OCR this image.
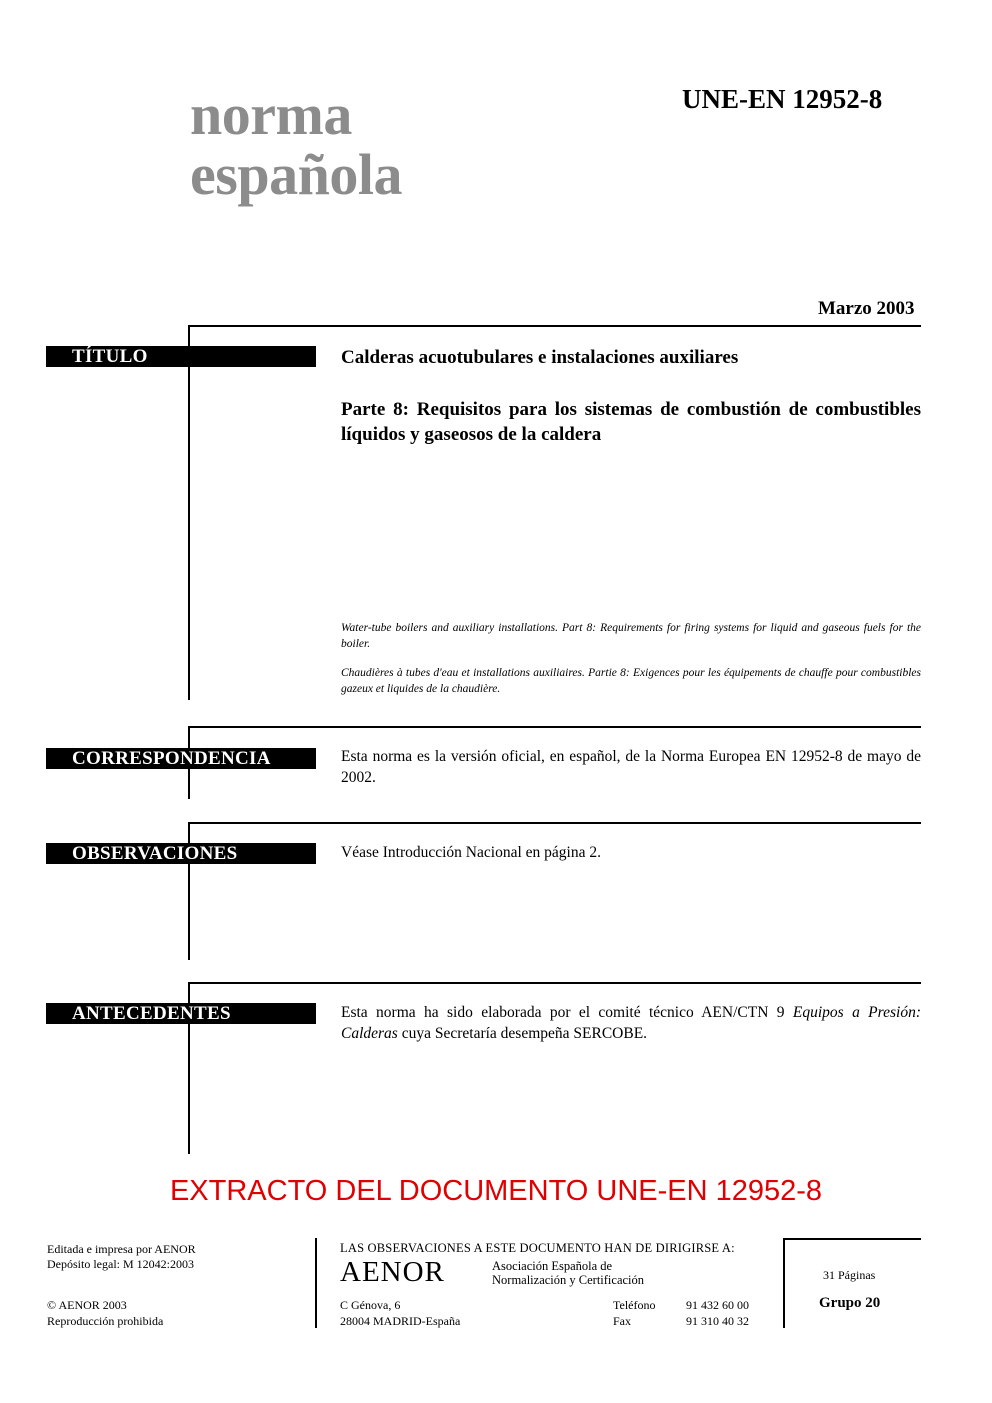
norma
española
UNE-EN 12952-8
Marzo 2003
TÍTULO	Calderas acuotubulares e instalaciones auxiliares
Parte 8: Requisitos para los sistemas de combustión de combustibles líquidos y gaseosos de la caldera
Water-tube boilers and auxiliary installations. Part 8: Requirements for firing systems for liquid and gaseous fuels for the boiler.
Chaudières à tubes d'eau et installations auxiliaires. Partie 8: Exigences pour les équipements de chauffe pour combustibles gazeux et liquides de la chaudière.
CORRESPONDENCIA	Esta norma es la versión oficial, en español, de la Norma Europea EN 12952-8 de mayo de 2002.
OBSERVACIONES	Véase Introducción Nacional en página 2.
ANTECEDENTES	Esta norma ha sido elaborada por el comité técnico AEN/CTN 9 Equipos a Presión: Calderas cuya Secretaría desempeña SERCOBE.
EXTRACTO DEL DOCUMENTO UNE-EN 12952-8
Editada e impresa por AENOR
Depósito legal: M 12042:2003
© AENOR 2003
Reproducción prohibida
LAS OBSERVACIONES A ESTE DOCUMENTO HAN DE DIRIGIRSE A:
AENOR	Asociación Española de
Normalización y Certificación
C Génova, 6
28004 MADRID-España
Teléfono	91 432 60 00
Fax	91 310 40 32
31 Páginas
Grupo 20
